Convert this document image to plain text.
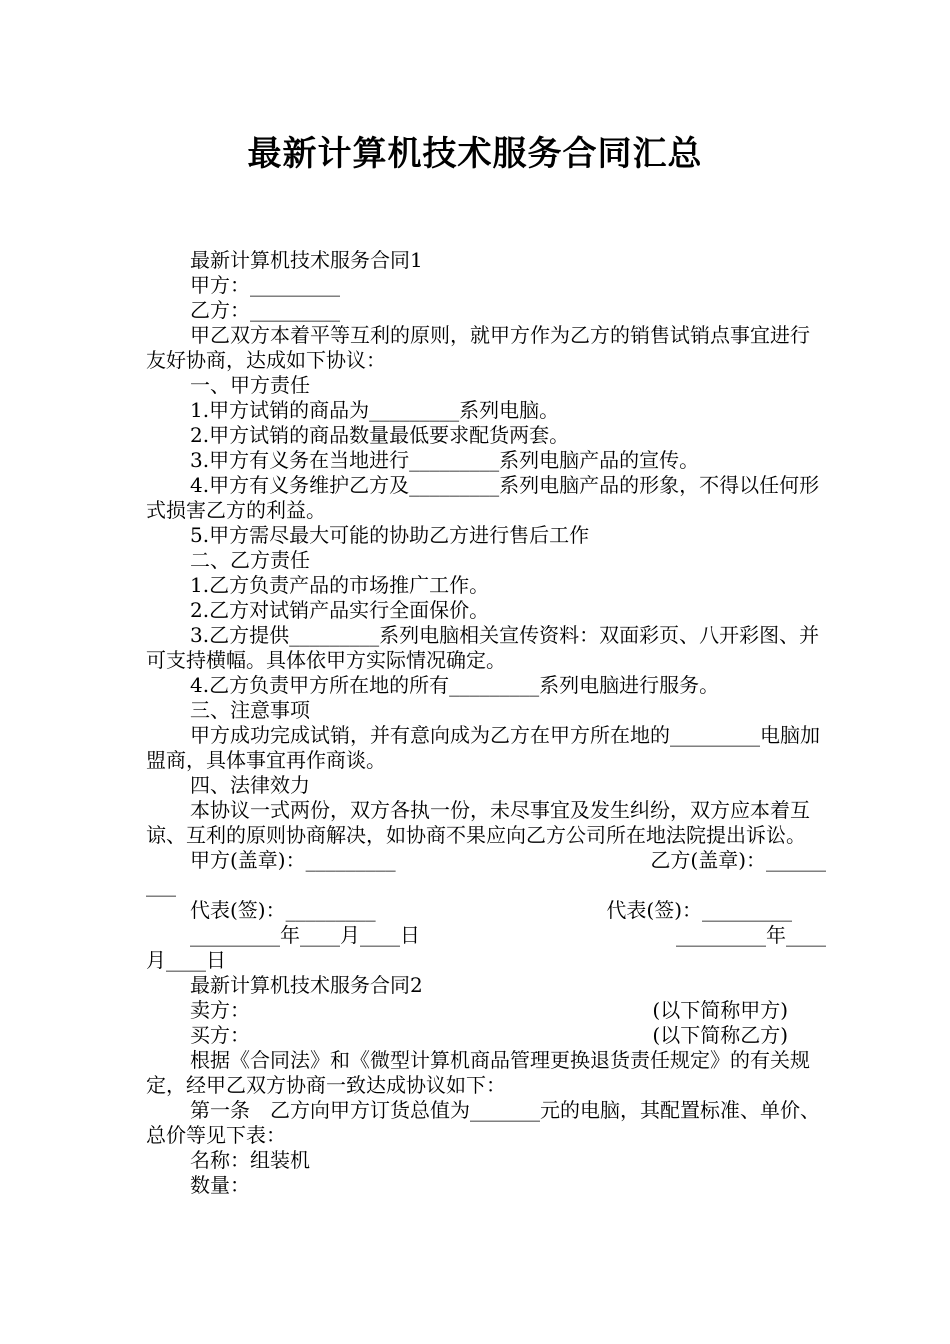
最新计算机技术服务合同汇总

最新计算机技术服务合同1

甲方：_________

乙方：_________

甲乙双方本着平等互利的原则，就甲方作为乙方的销售试销点事宜进行友好协商，达成如下协议：

一、甲方责任

1.甲方试销的商品为_________系列电脑。

2.甲方试销的商品数量最低要求配货两套。

3.甲方有义务在当地进行_________系列电脑产品的宣传。

4.甲方有义务维护乙方及_________系列电脑产品的形象，不得以任何形式损害乙方的利益。

5.甲方需尽最大可能的协助乙方进行售后工作

二、乙方责任

1.乙方负责产品的市场推广工作。

2.乙方对试销产品实行全面保价。

3.乙方提供_________系列电脑相关宣传资料：双面彩页、八开彩图、并可支持横幅。具体依甲方实际情况确定。

4.乙方负责甲方所在地的所有_________系列电脑进行服务。

三、注意事项

甲方成功完成试销，并有意向成为乙方在甲方所在地的_________电脑加盟商，具体事宜再作商谈。

四、法律效力

本协议一式两份，双方各执一份，未尽事宜及发生纠纷，双方应本着互谅、互利的原则协商解决，如协商不果应向乙方公司所在地法院提出诉讼。

甲方(盖章)：_________	乙方(盖章)：______

___

代表(签)：_________	代表(签)：_________
_________年____月____日	_________年____

月____日

最新计算机技术服务合同2

卖方：	(以下简称甲方)
买方：	(以下简称乙方)

根据《合同法》和《微型计算机商品管理更换退货责任规定》的有关规定，经甲乙双方协商一致达成协议如下：

第一条　乙方向甲方订货总值为_______元的电脑，其配置标准、单价、总价等见下表：

名称：组装机

数量：
